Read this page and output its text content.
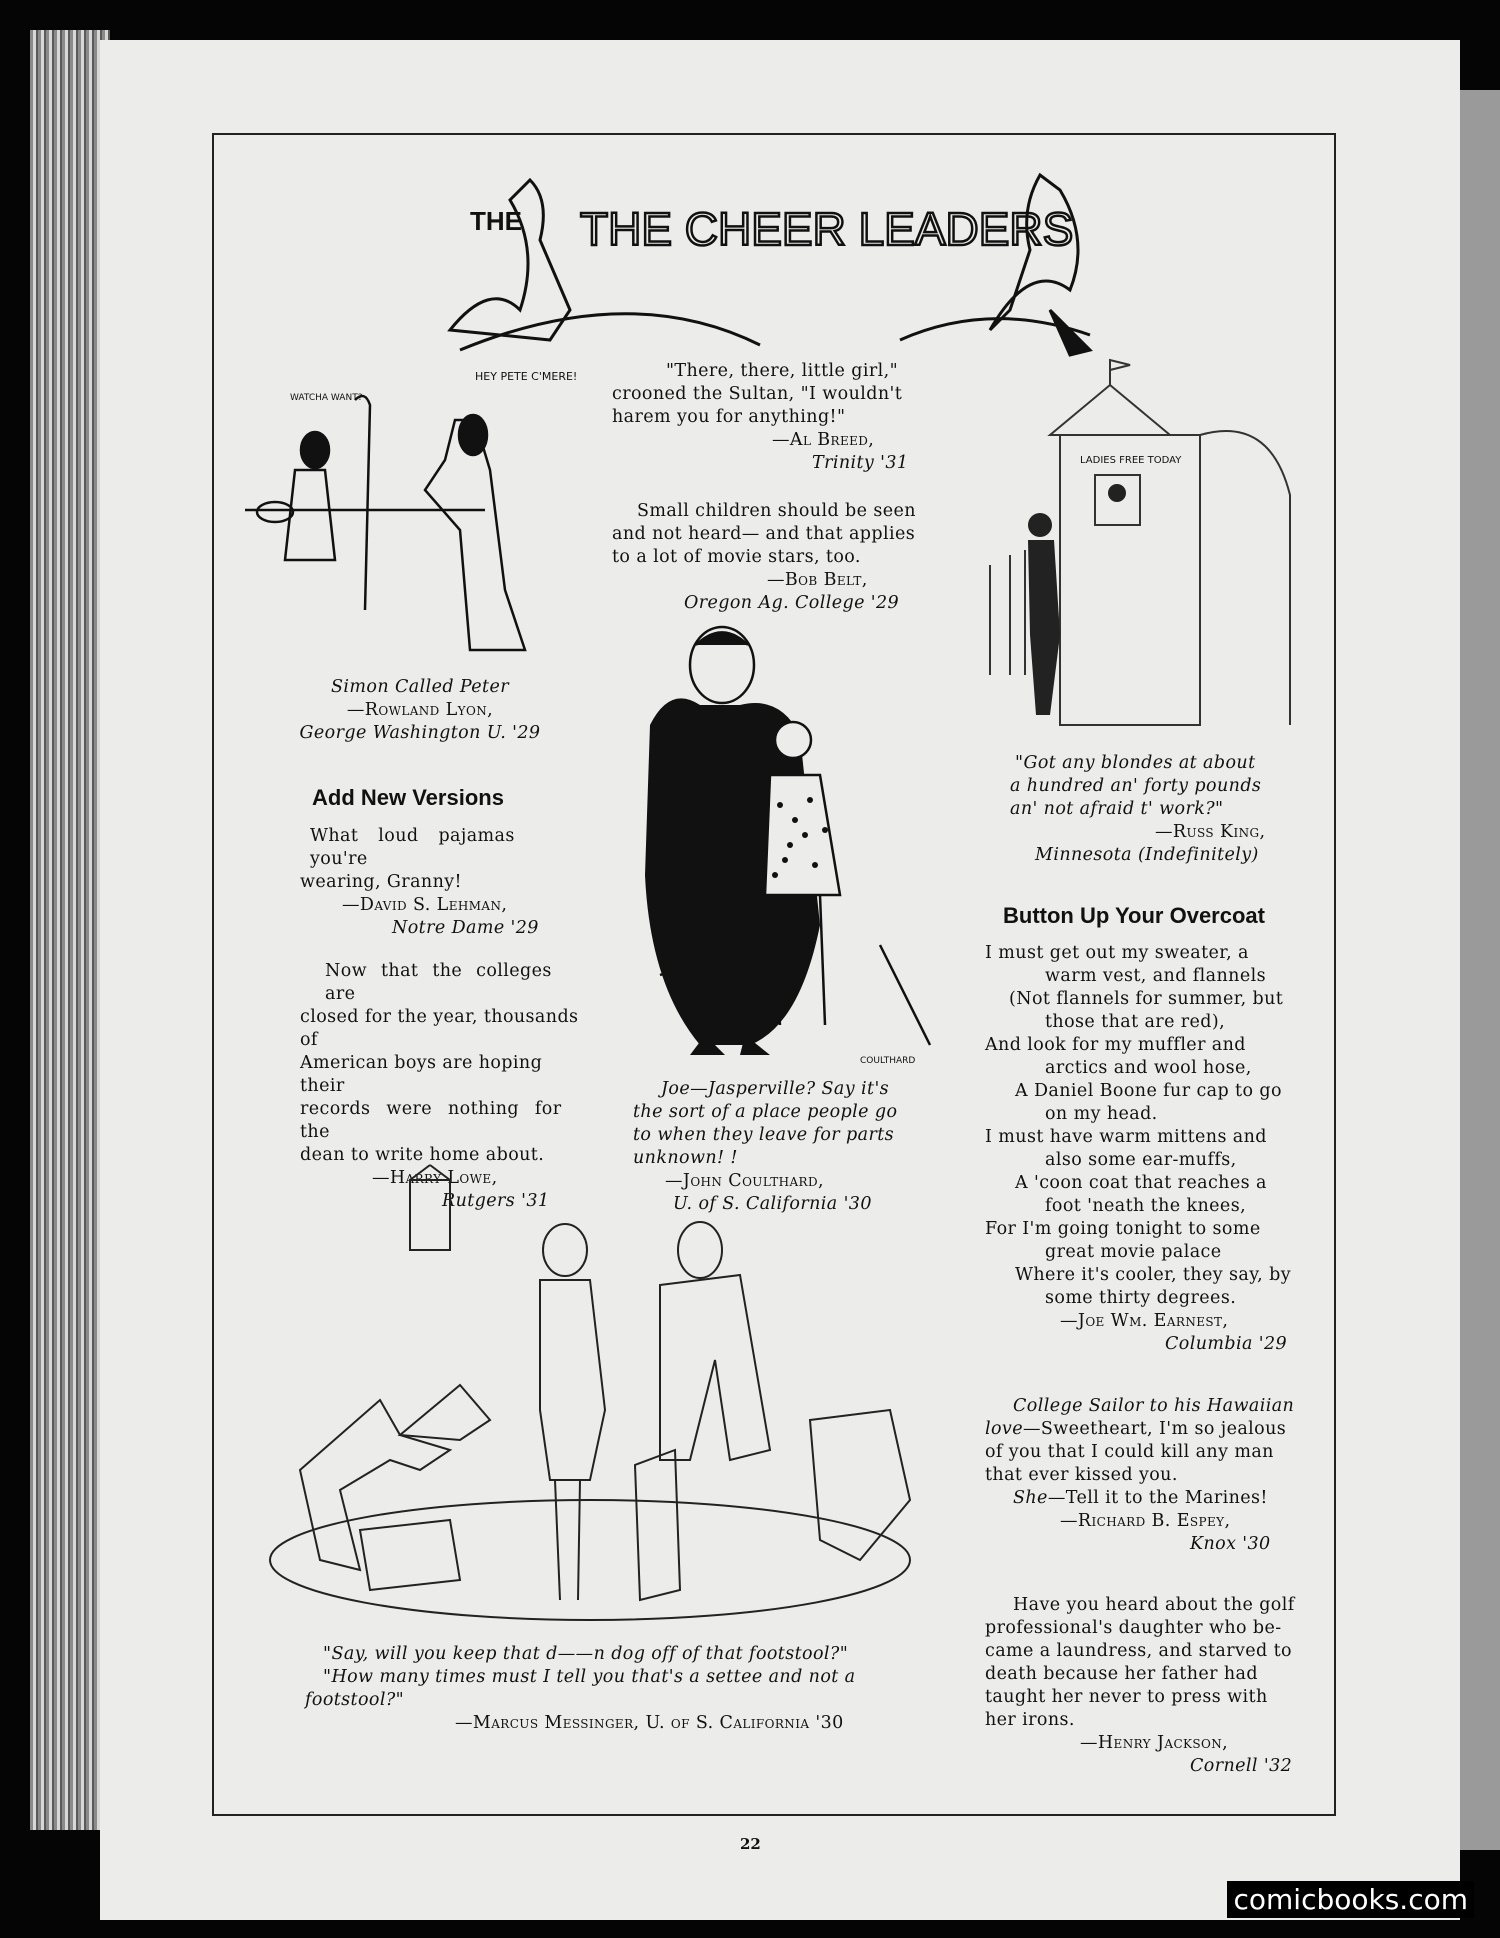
THE THE CHEER LEADERS
WATCHA WANT?
HEY PETE C'MERE!
Simon Called Peter
—Rowland Lyon,
George Washington U. '29
"There, there, little girl,"
crooned the Sultan, "I wouldn't
harem you for anything!"
—Al Breed,
Trinity '31
Small children should be seen
and not heard— and that applies
to a lot of movie stars, too.
—Bob Belt,
Oregon Ag. College '29
LADIES FREE TODAY
"Got any blondes at about
a hundred an' forty pounds
an' not afraid t' work?"
—Russ King,
Minnesota (Indefinitely)
Add New Versions
What loud pajamas you're
wearing, Granny!
—David S. Lehman,
Notre Dame '29
Now that the colleges are
closed for the year, thousands of
American boys are hoping their
records were nothing for the
dean to write home about.
—Harry Lowe,
Rutgers '31
COULTHARD
Joe—Jasperville? Say it's
the sort of a place people go
to when they leave for parts
unknown! !
—John Coulthard,
U. of S. California '30
Button Up Your Overcoat
I must get out my sweater, a
warm vest, and flannels
(Not flannels for summer, but
those that are red),
And look for my muffler and
arctics and wool hose,
A Daniel Boone fur cap to go
on my head.
I must have warm mittens and
also some ear-muffs,
A 'coon coat that reaches a
foot 'neath the knees,
For I'm going tonight to some
great movie palace
Where it's cooler, they say, by
some thirty degrees.
—Joe Wm. Earnest,
Columbia '29
College Sailor to his Hawaiian
love—Sweetheart, I'm so jealous
of you that I could kill any man
that ever kissed you.
She—Tell it to the Marines!
—Richard B. Espey,
Knox '30
Have you heard about the golf
professional's daughter who be-
came a laundress, and starved to
death because her father had
taught her never to press with
her irons.
—Henry Jackson,
Cornell '32
"Say, will you keep that d——n dog off of that footstool?"
"How many times must I tell you that's a settee and not a
footstool?"
—Marcus Messinger, U. of S. California '30
22
comicbooks.com
